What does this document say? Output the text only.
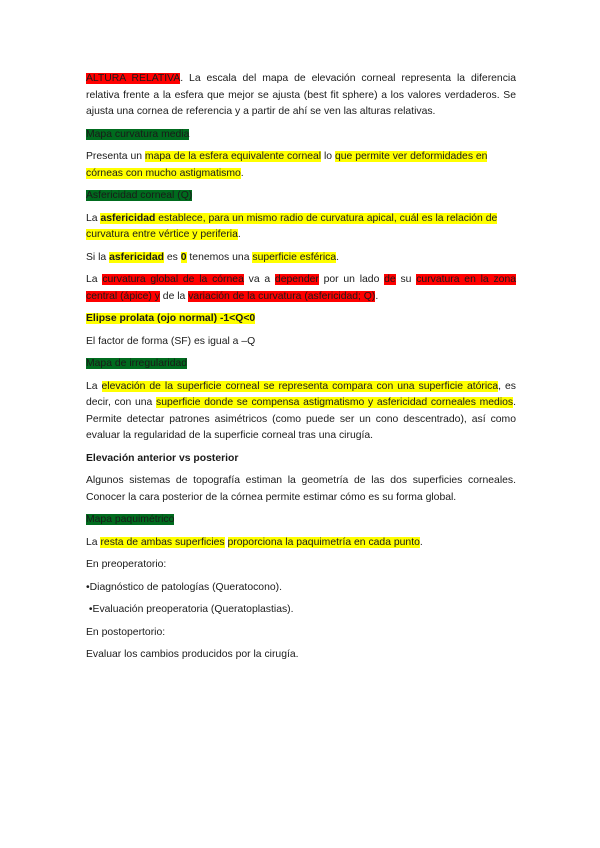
ALTURA RELATIVA. La escala del mapa de elevación corneal representa la diferencia relativa frente a la esfera que mejor se ajusta (best fit sphere) a los valores verdaderos. Se ajusta una cornea de referencia y a partir de ahí se ven las alturas relativas.

Mapa curvatura media

Presenta un mapa de la esfera equivalente corneal lo que permite ver deformidades en córneas con mucho astigmatismo.

Asfericidad corneal (Q)

La asfericidad establece, para un mismo radio de curvatura apical, cuál es la relación de curvatura entre vértice y periferia.

Si la asfericidad es 0 tenemos una superficie esférica.

La curvatura global de la córnea va a depender por un lado de su curvatura en la zona central (ápice) y de la variación de la curvatura (asfericidad; Q).

Elipse prolata (ojo normal) -1<Q<0

El factor de forma (SF) es igual a –Q

Mapa de irregularidad

La elevación de la superficie corneal se representa compara con una superficie atórica, es decir, con una superficie donde se compensa astigmatismo y asfericidad corneales medios. Permite detectar patrones asimétricos (como puede ser un cono descentrado), así como evaluar la regularidad de la superficie corneal tras una cirugía.

Elevación anterior vs posterior

Algunos sistemas de topografía estiman la geometría de las dos superficies corneales. Conocer la cara posterior de la córnea permite estimar cómo es su forma global.

Mapa paquimétrico

La resta de ambas superficies proporciona la paquimetría en cada punto.

En preoperatorio:

•Diagnóstico de patologías (Queratocono).

•Evaluación preoperatoria (Queratoplastias).

En postopertorio:

Evaluar los cambios producidos por la cirugía.
